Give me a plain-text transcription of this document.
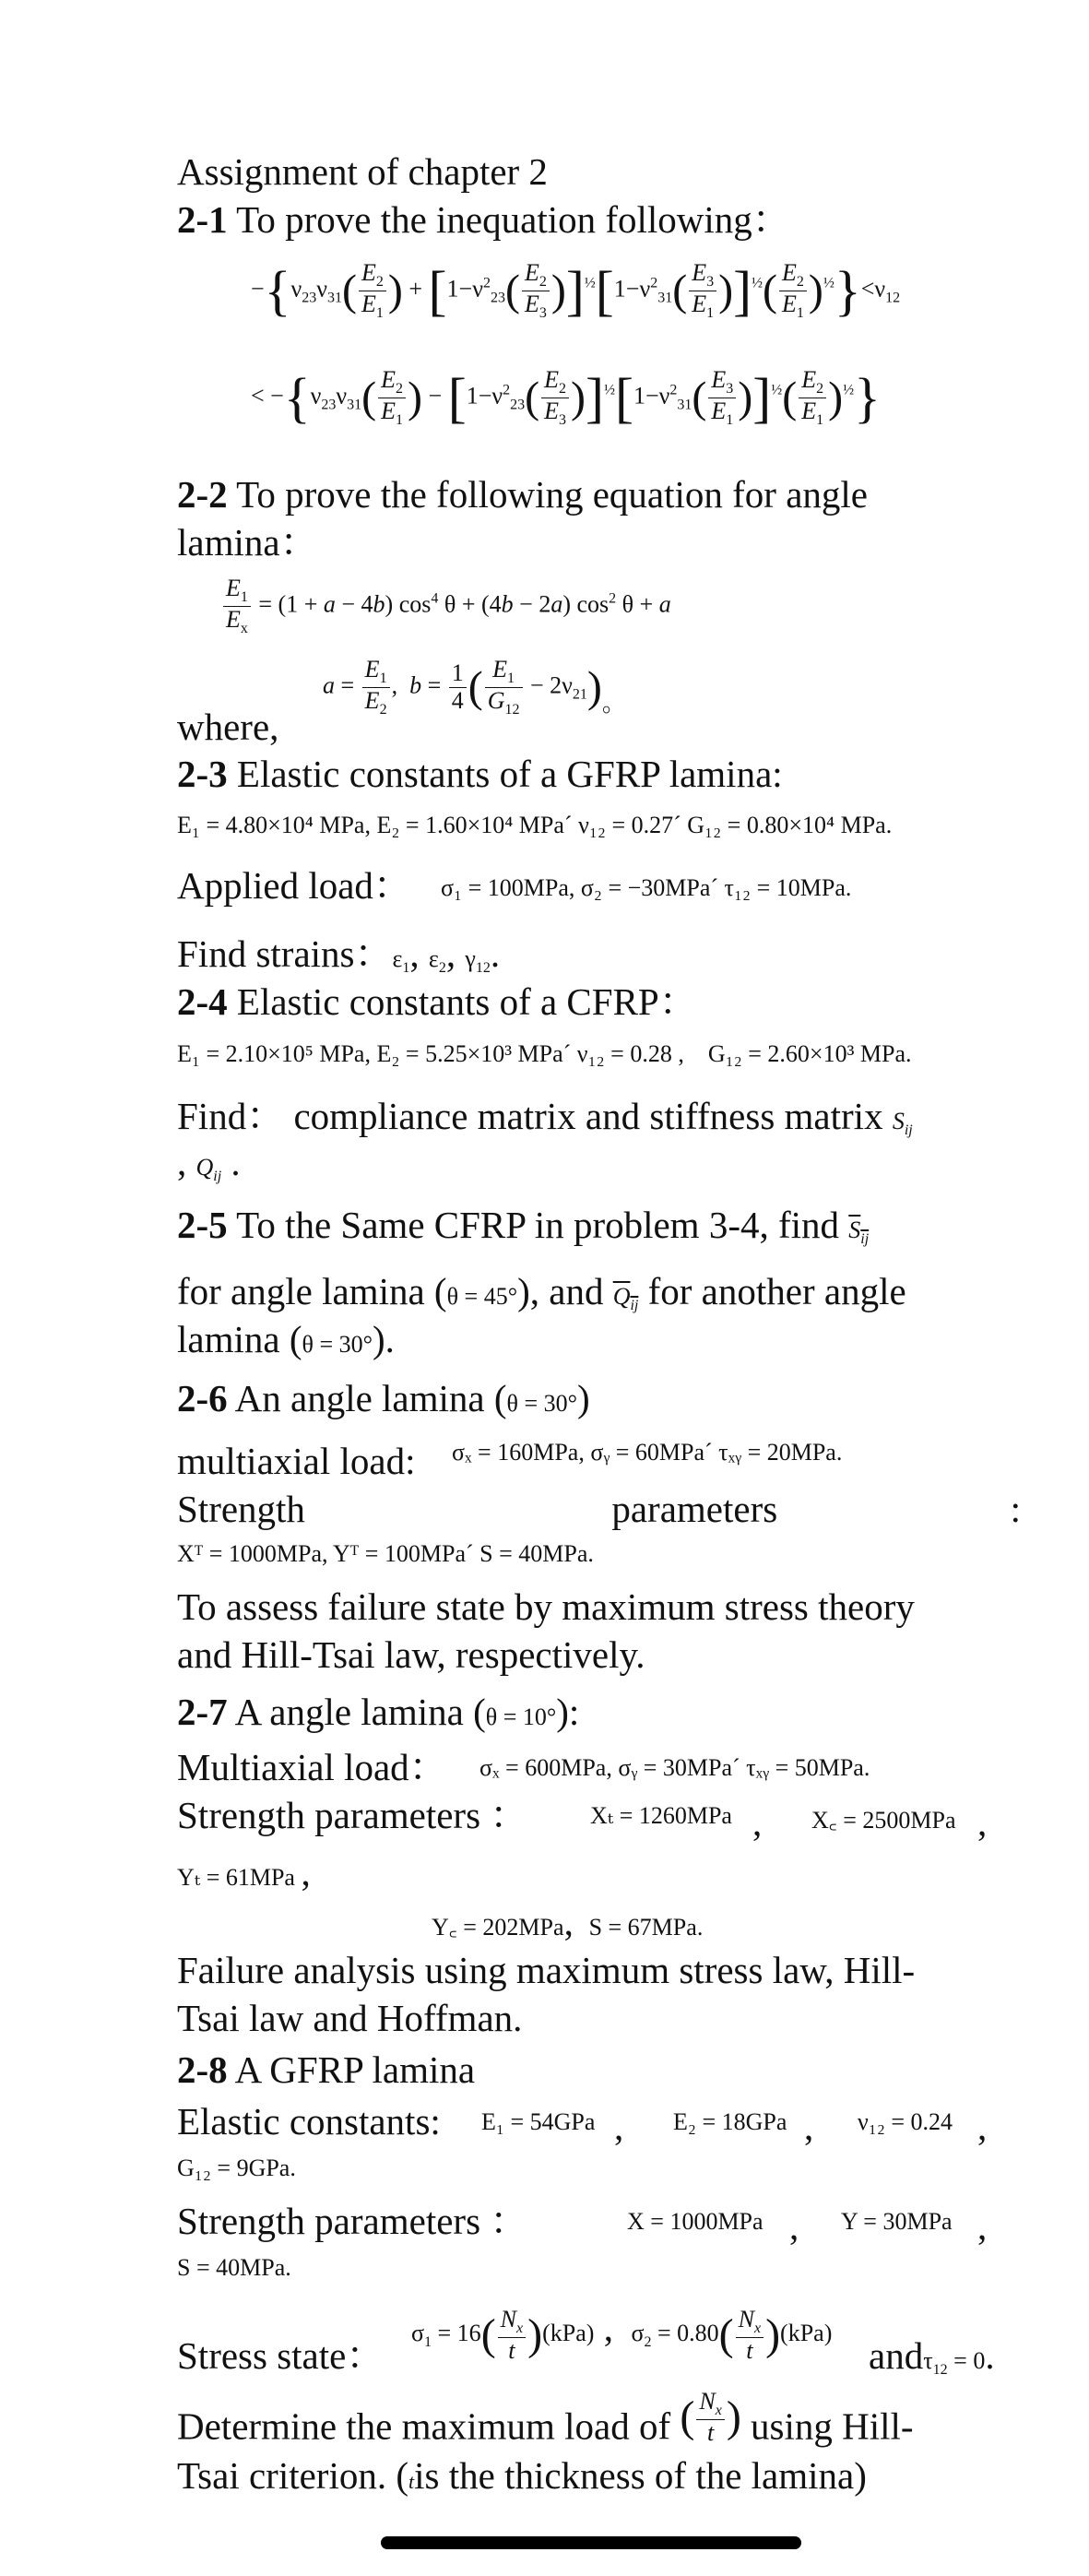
Assignment of chapter 2
2-1 To prove the inequation following：
$-\{\nu_{23}\nu_{31}( \frac{E_2}{E_1}$ ) + $[1-\nu^2_{23}( \frac{E_2}{E_3} )]^{\frac{1}{2}}[1-\nu^2_{31}( \frac{E_3}{E_1} )]^{\frac{1}{2}}( \frac{E_2}{E_1} )^{\frac{1}{2}}\}<\nu_{12}$
< $-\{\nu_{23}\nu_{31}( \frac{E_2}{E_1}$ ) − $[1-\nu^2_{23}( \frac{E_2}{E_3} )]^{\frac{1}{2}}[1-\nu^2_{31}( \frac{E_3}{E_1} )]^{\frac{1}{2}}( \frac{E_2}{E_1} )^{\frac{1}{2}}$}
2-2 To prove the following equation for angle
lamina：
$\frac{E_1}{E_x} = (1 + a - 4b)$ $\cos^4 \theta + (4b - 2a)$ $\cos^2 \theta + a$
where,
$a = \frac{E_1}{E_2}$ ,  $b = \frac{1}{4}$ ( $\frac{E_1}{G_{12}} - 2\nu_{21}$)。
2-3 Elastic constants of a GFRP lamina:
E₁ = 4.80×10⁴ MPa, E₂ = 1.60×10⁴ MPa´ ν₁₂ = 0.27´ G₁₂ = 0.80×10⁴ MPa.
Applied load： σ₁ = 100MPa, σ₂ = −30MPa´ τ₁₂ = 10MPa.
Find strains：$\varepsilon_1$, $\varepsilon_2$, $\gamma_{12}$.
2-4 Elastic constants of a CFRP：
E₁ = 2.10×10⁵ MPa, E₂ = 5.25×10³ MPa´ ν₁₂ = 0.28 ,    G₁₂ = 2.60×10³ MPa.
Find： compliance matrix and stiffness matrix $S_{ij}$
, $Q_{ij}$ .
2-5 To the Same CFRP in problem 3-4, find $S_{ij}$
for angle lamina (θ = 45°), and $Q_{ij}$ for another angle
lamina (θ = 30°).
2-6 An angle lamina (θ = 30°)
multiaxial load: σₓ = 160MPa, σᵧ = 60MPa´ τₓᵧ = 20MPa.
Strength	parameters	:
Xᵀ = 1000MPa, Yᵀ = 100MPa´ S = 40MPa.
To assess failure state by maximum stress theory
and Hill-Tsai law, respectively.
2-7 A angle lamina (θ = 10°):
Multiaxial load： σₓ = 600MPa, σᵧ = 30MPa´ τₓᵧ = 50MPa.
Strength parameters ：	Xₜ = 1260MPa , X꜀ = 2500MPa ,
Yₜ = 61MPa ,
Y꜀ = 202MPa,  S = 67MPa.
Failure analysis using maximum stress law, Hill-
Tsai law and Hoffman.
2-8 A GFRP lamina
Elastic constants: E₁ = 54GPa , E₂ = 18GPa , ν₁₂ = 0.24 ,
G₁₂ = 9GPa.
Strength parameters ：	X = 1000MPa , Y = 30MPa ,
S = 40MPa.
Stress state：
$\sigma_1 = 16( \frac{N_x}{t} )(kPa)$ ,   $\sigma_2 = 0.80( \frac{N_x}{t} )(kPa)$
andτ$_{12}$ = 0.
Determine the maximum load of ( $\frac{N_x}{t}$ ) using Hill-
Tsai criterion. (tis the thickness of the lamina)
